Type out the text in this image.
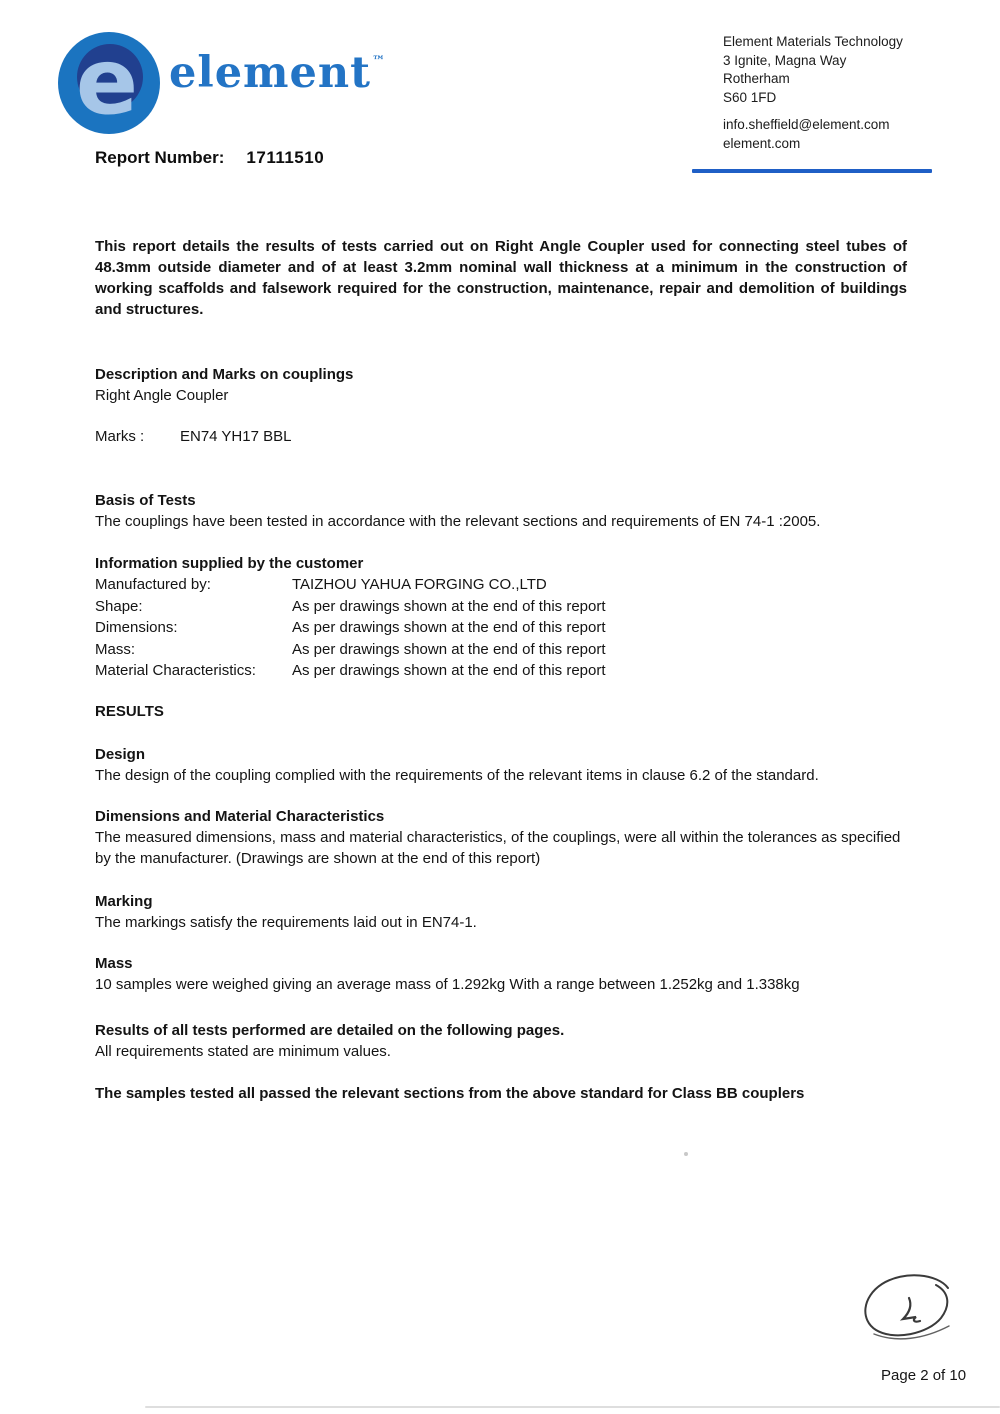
e element™
Element Materials Technology
3 Ignite, Magna Way
Rotherham
S60 1FD
info.sheffield@element.com
element.com
Report Number: 17111510

This report details the results of tests carried out on Right Angle Coupler used for connecting steel tubes of 48.3mm outside diameter and of at least 3.2mm nominal wall thickness at a minimum in the construction of working scaffolds and falsework required for the construction, maintenance, repair and demolition of buildings and structures.

Description and Marks on couplings
Right Angle Coupler
Marks : EN74 YH17 BBL
Basis of Tests
The couplings have been tested in accordance with the relevant sections and requirements of EN 74-1 :2005.
Information supplied by the customer
Manufactured by:	TAIZHOU YAHUA FORGING CO.,LTD
Shape:	As per drawings shown at the end of this report
Dimensions:	As per drawings shown at the end of this report
Mass:	As per drawings shown at the end of this report
Material Characteristics: As per drawings shown at the end of this report
RESULTS
Design
The design of the coupling complied with the requirements of the relevant items in clause 6.2 of the standard.
Dimensions and Material Characteristics
The measured dimensions, mass and material characteristics, of the couplings, were all within the tolerances as specified by the manufacturer. (Drawings are shown at the end of this report)
Marking
The markings satisfy the requirements laid out in EN74-1.
Mass
10 samples were weighed giving an average mass of 1.292kg With a range between 1.252kg and 1.338kg
Results of all tests performed are detailed on the following pages.
All requirements stated are minimum values.
The samples tested all passed the relevant sections from the above standard for Class BB couplers
Page 2 of 10
